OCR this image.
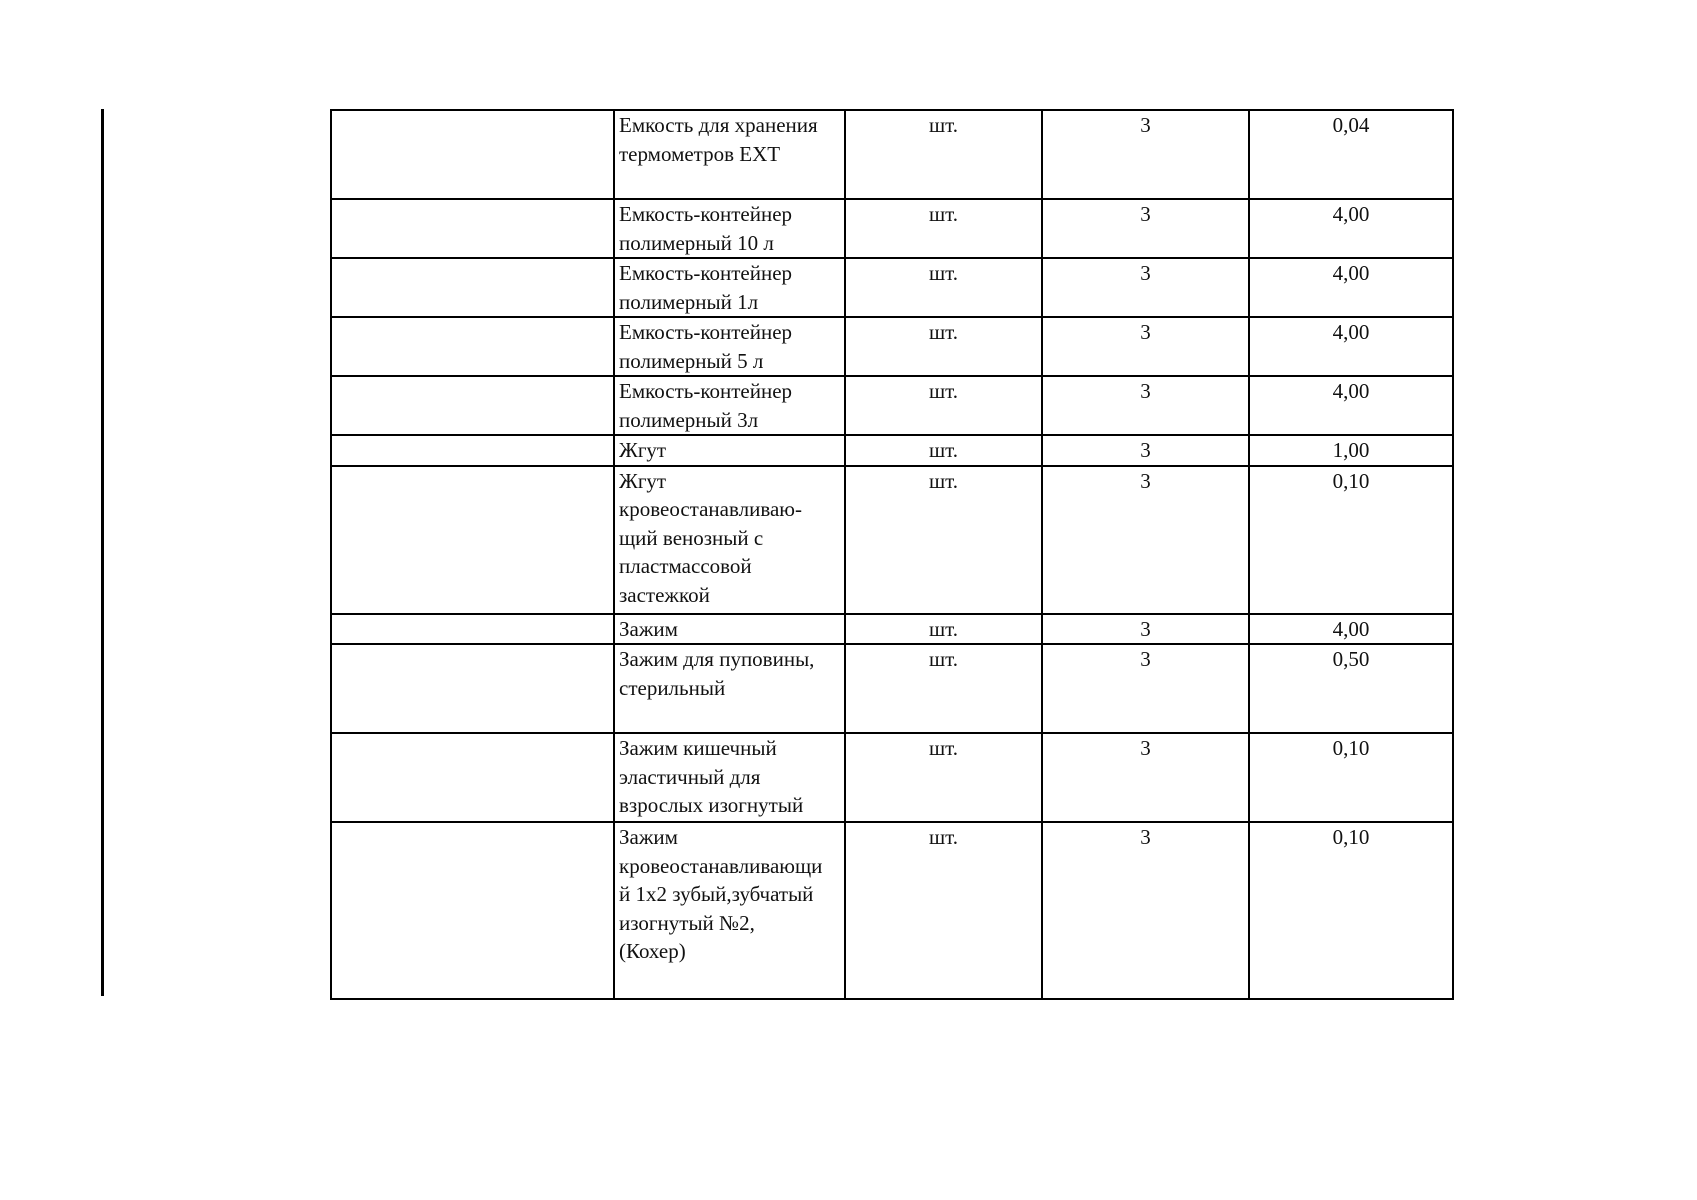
	Емкость для хранения
термометров EXT	шт.	3	0,04
	Емкость-контейнер
полимерный 10 л	шт.	3	4,00
	Емкость-контейнер
полимерный 1л	шт.	3	4,00
	Емкость-контейнер
полимерный 5 л	шт.	3	4,00
	Емкость-контейнер
полимерный 3л	шт.	3	4,00
	Жгут	шт.	3	1,00
	Жгут
кровеостанавливаю-
щий венозный с
пластмассовой
застежкой	шт.	3	0,10
	Зажим	шт.	3	4,00
	Зажим для пуповины,
стерильный	шт.	3	0,50
	Зажим кишечный
эластичный для
взрослых изогнутый	шт.	3	0,10
	Зажим
кровеостанавливающи
й 1х2 зубый,зубчатый
изогнутый №2,
(Кохер)	шт.	3	0,10
